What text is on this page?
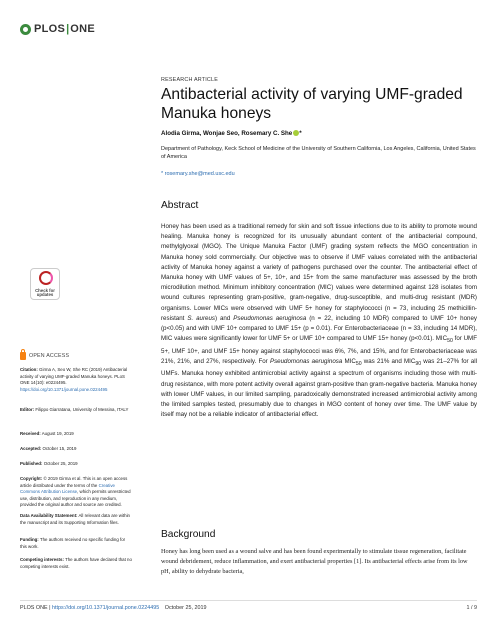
PLOS | ONE
RESEARCH ARTICLE
Antibacterial activity of varying UMF-graded Manuka honeys
Alodia Girma, Wonjae Seo, Rosemary C. She *
Department of Pathology, Keck School of Medicine of the University of Southern California, Los Angeles, California, United States of America
* rosemary.she@med.usc.edu
Check for
updates
OPEN ACCESS
Citation: Girma A, Seo W, She RC (2019) Antibacterial activity of varying UMF-graded Manuka honeys. PLoS ONE 14(10): e0224495. https://doi.org/10.1371/journal.pone.0224495
Editor: Filippo Giarratana, University of Messina, ITALY
Received: August 19, 2019
Accepted: October 15, 2019
Published: October 25, 2019
Copyright: © 2019 Girma et al. This is an open access article distributed under the terms of the Creative Commons Attribution License, which permits unrestricted use, distribution, and reproduction in any medium, provided the original author and source are credited.
Data Availability Statement: All relevant data are within the manuscript and its Supporting Information files.
Funding: The authors received no specific funding for this work.
Competing interests: The authors have declared that no competing interests exist.
Abstract

Honey has been used as a traditional remedy for skin and soft tissue infections due to its ability to promote wound healing. Manuka honey is recognized for its unusually abundant content of the antibacterial compound, methylglyoxal (MGO). The Unique Manuka Factor (UMF) grading system reflects the MGO concentration in Manuka honey sold commercially. Our objective was to observe if UMF values correlated with the antibacterial activity of Manuka honey against a variety of pathogens purchased over the counter. The antibacterial effect of Manuka honey with UMF values of 5+, 10+, and 15+ from the same manufacturer was assessed by the broth microdilution method. Minimum inhibitory concentration (MIC) values were determined against 128 isolates from wound cultures representing gram-positive, gram-negative, drug-susceptible, and multi-drug resistant (MDR) organisms. Lower MICs were observed with UMF 5+ honey for staphylococci (n = 73, including 25 methicillin-resistant S. aureus) and Pseudomonas aeruginosa (n = 22, including 10 MDR) compared to UMF 10+ honey (p<0.05) and with UMF 10+ compared to UMF 15+ (p = 0.01). For Enterobacteriaceae (n = 33, including 14 MDR), MIC values were significantly lower for UMF 5+ or UMF 10+ compared to UMF 15+ honey (p<0.01). $MIC_{50}$ for UMF 5+, UMF 10+, and UMF 15+ honey against staphylococci was 6%, 7%, and 15%, and for Enterobacteriaceae was 21%, 21%, and 27%, respectively. For Pseudomonas aeruginosa $MIC_{50}$ was 21% and $MIC_{90}$ was 21–27% for all UMFs. Manuka honey exhibited antimicrobial activity against a spectrum of organisms including those with multi-drug resistance, with more potent activity overall against gram-positive than gram-negative bacteria. Manuka honey with lower UMF values, in our limited sampling, paradoxically demonstrated increased antimicrobial activity among the limited samples tested, presumably due to changes in MGO content of honey over time. The UMF value by itself may not be a reliable indicator of antibacterial effect.

Background
Honey has long been used as a wound salve and has been found experimentally to stimulate tissue regeneration, facilitate wound debridement, reduce inflammation, and exert antibacterial properties [1]. Its antibacterial effects arise from its low pH, ability to dehydrate bacteria,
PLOS ONE | https://doi.org/10.1371/journal.pone.0224495 October 25, 2019	1 / 9
